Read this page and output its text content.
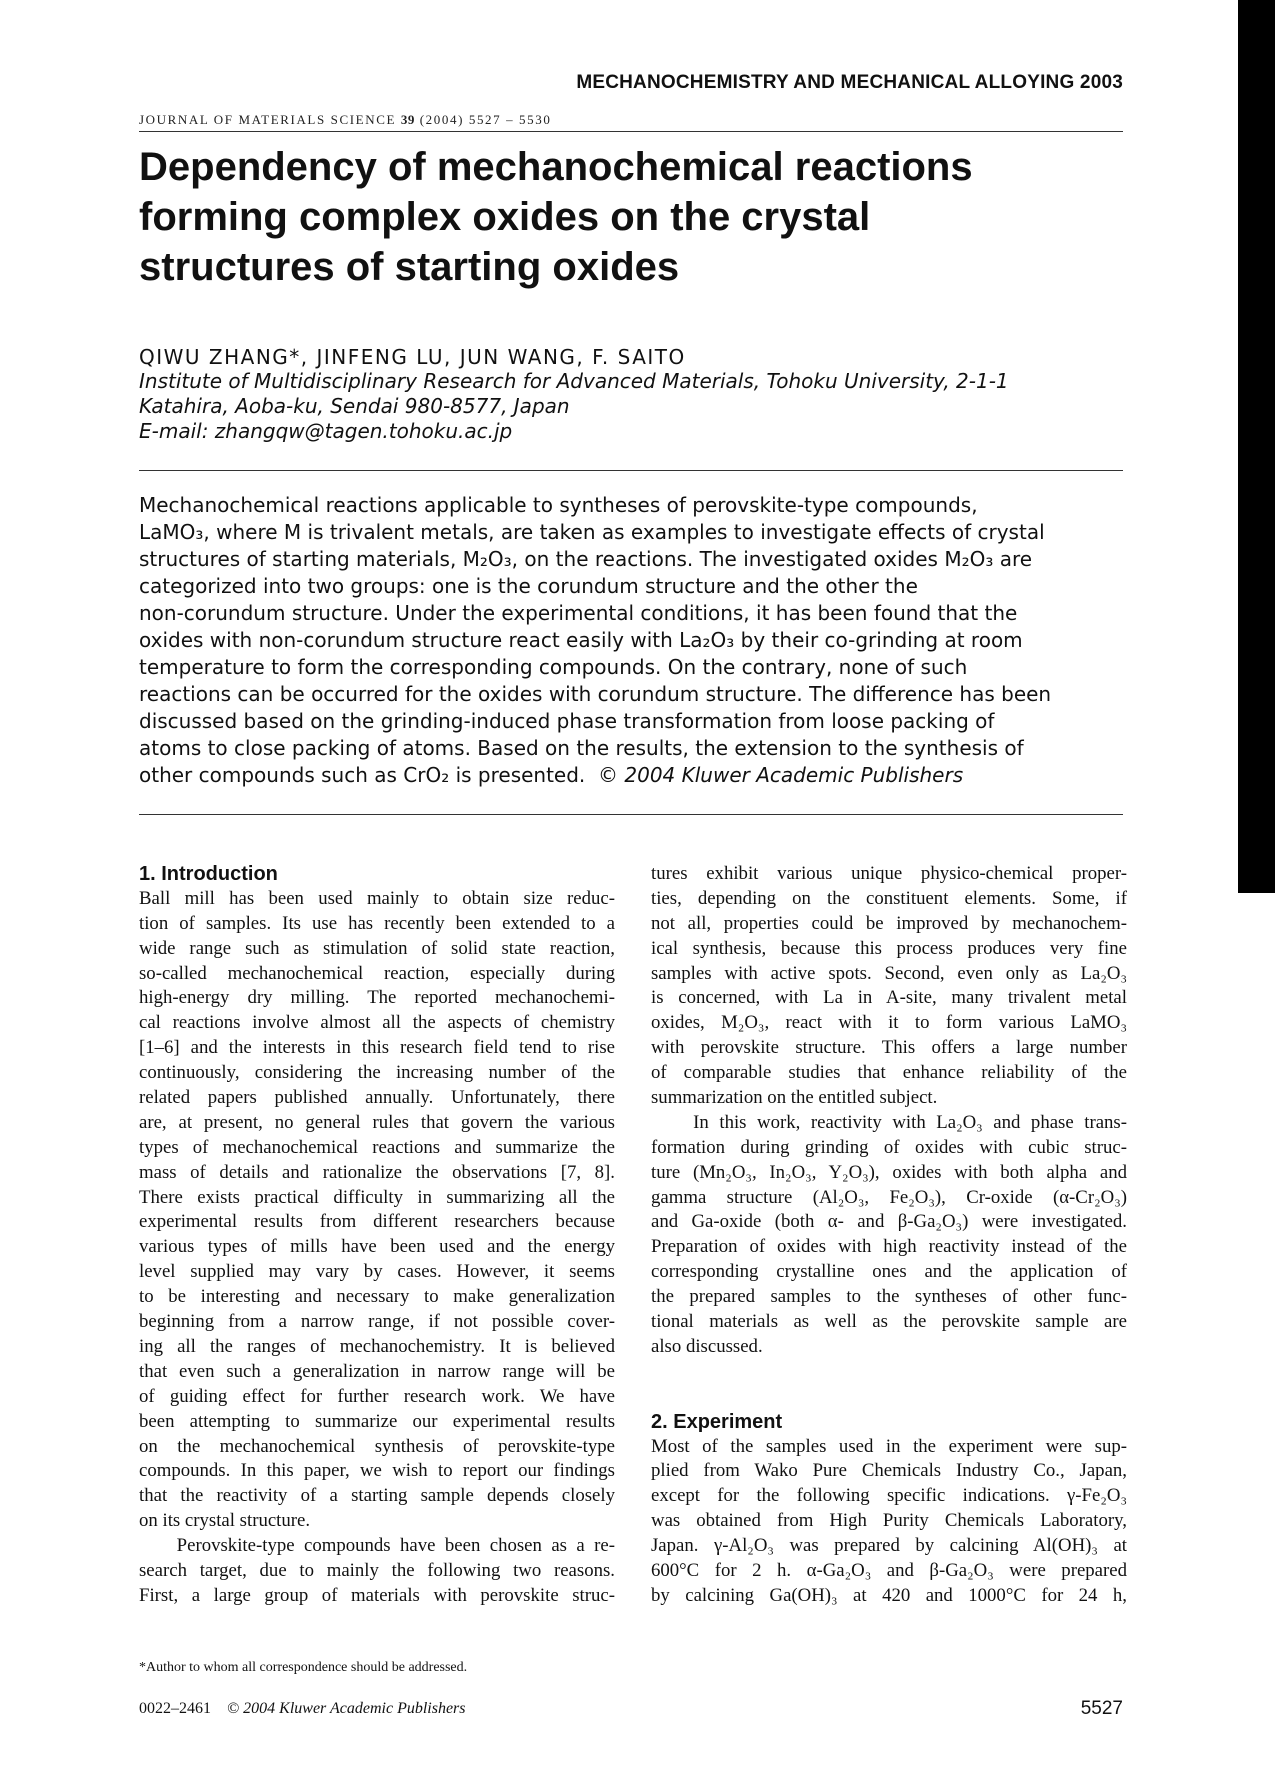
MECHANOCHEMISTRY AND MECHANICAL ALLOYING 2003
JOURNAL OF MATERIALS SCIENCE 39 (2004) 5527 – 5530
Dependency of mechanochemical reactions
forming complex oxides on the crystal
structures of starting oxides
QIWU ZHANG*, JINFENG LU, JUN WANG, F. SAITO
Institute of Multidisciplinary Research for Advanced Materials, Tohoku University, 2-1-1
Katahira, Aoba-ku, Sendai 980-8577, Japan
E-mail: zhangqw@tagen.tohoku.ac.jp

Mechanochemical reactions applicable to syntheses of perovskite-type compounds,

LaMO₃, where M is trivalent metals, are taken as examples to investigate effects of crystal

structures of starting materials, M₂O₃, on the reactions. The investigated oxides M₂O₃ are

categorized into two groups: one is the corundum structure and the other the

non-corundum structure. Under the experimental conditions, it has been found that the

oxides with non-corundum structure react easily with La₂O₃ by their co-grinding at room

temperature to form the corresponding compounds. On the contrary, none of such

reactions can be occurred for the oxides with corundum structure. The difference has been

discussed based on the grinding-induced phase transformation from loose packing of

atoms to close packing of atoms. Based on the results, the extension to the synthesis of

other compounds such as CrO₂ is presented. © 2004 Kluwer Academic Publishers

1. Introduction
Ball mill has been used mainly to obtain size reduc-
tion of samples. Its use has recently been extended to a
wide range such as stimulation of solid state reaction,
so-called mechanochemical reaction, especially during
high-energy dry milling. The reported mechanochemi-
cal reactions involve almost all the aspects of chemistry
[1–6] and the interests in this research field tend to rise
continuously, considering the increasing number of the
related papers published annually. Unfortunately, there
are, at present, no general rules that govern the various
types of mechanochemical reactions and summarize the
mass of details and rationalize the observations [7, 8].
There exists practical difficulty in summarizing all the
experimental results from different researchers because
various types of mills have been used and the energy
level supplied may vary by cases. However, it seems
to be interesting and necessary to make generalization
beginning from a narrow range, if not possible cover-
ing all the ranges of mechanochemistry. It is believed
that even such a generalization in narrow range will be
of guiding effect for further research work. We have
been attempting to summarize our experimental results
on the mechanochemical synthesis of perovskite-type
compounds. In this paper, we wish to report our findings
that the reactivity of a starting sample depends closely
on its crystal structure.
Perovskite-type compounds have been chosen as a re-
search target, due to mainly the following two reasons.
First, a large group of materials with perovskite struc-
tures exhibit various unique physico-chemical proper-
ties, depending on the constituent elements. Some, if
not all, properties could be improved by mechanochem-
ical synthesis, because this process produces very fine
samples with active spots. Second, even only as La₂O₃
is concerned, with La in A-site, many trivalent metal
oxides, M₂O₃, react with it to form various LaMO₃
with perovskite structure. This offers a large number
of comparable studies that enhance reliability of the
summarization on the entitled subject.
In this work, reactivity with La₂O₃ and phase trans-
formation during grinding of oxides with cubic struc-
ture (Mn₂O₃, In₂O₃, Y₂O₃), oxides with both alpha and
gamma structure (Al₂O₃, Fe₂O₃), Cr-oxide (α-Cr₂O₃)
and Ga-oxide (both α- and β-Ga₂O₃) were investigated.
Preparation of oxides with high reactivity instead of the
corresponding crystalline ones and the application of
the prepared samples to the syntheses of other func-
tional materials as well as the perovskite sample are
also discussed.
2. Experiment
Most of the samples used in the experiment were sup-
plied from Wako Pure Chemicals Industry Co., Japan,
except for the following specific indications. γ-Fe₂O₃
was obtained from High Purity Chemicals Laboratory,
Japan. γ-Al₂O₃ was prepared by calcining Al(OH)₃ at
600°C for 2 h. α-Ga₂O₃ and β-Ga₂O₃ were prepared
by calcining Ga(OH)₃ at 420 and 1000°C for 24 h,
*Author to whom all correspondence should be addressed.
0022–2461 © 2004 Kluwer Academic Publishers	5527
